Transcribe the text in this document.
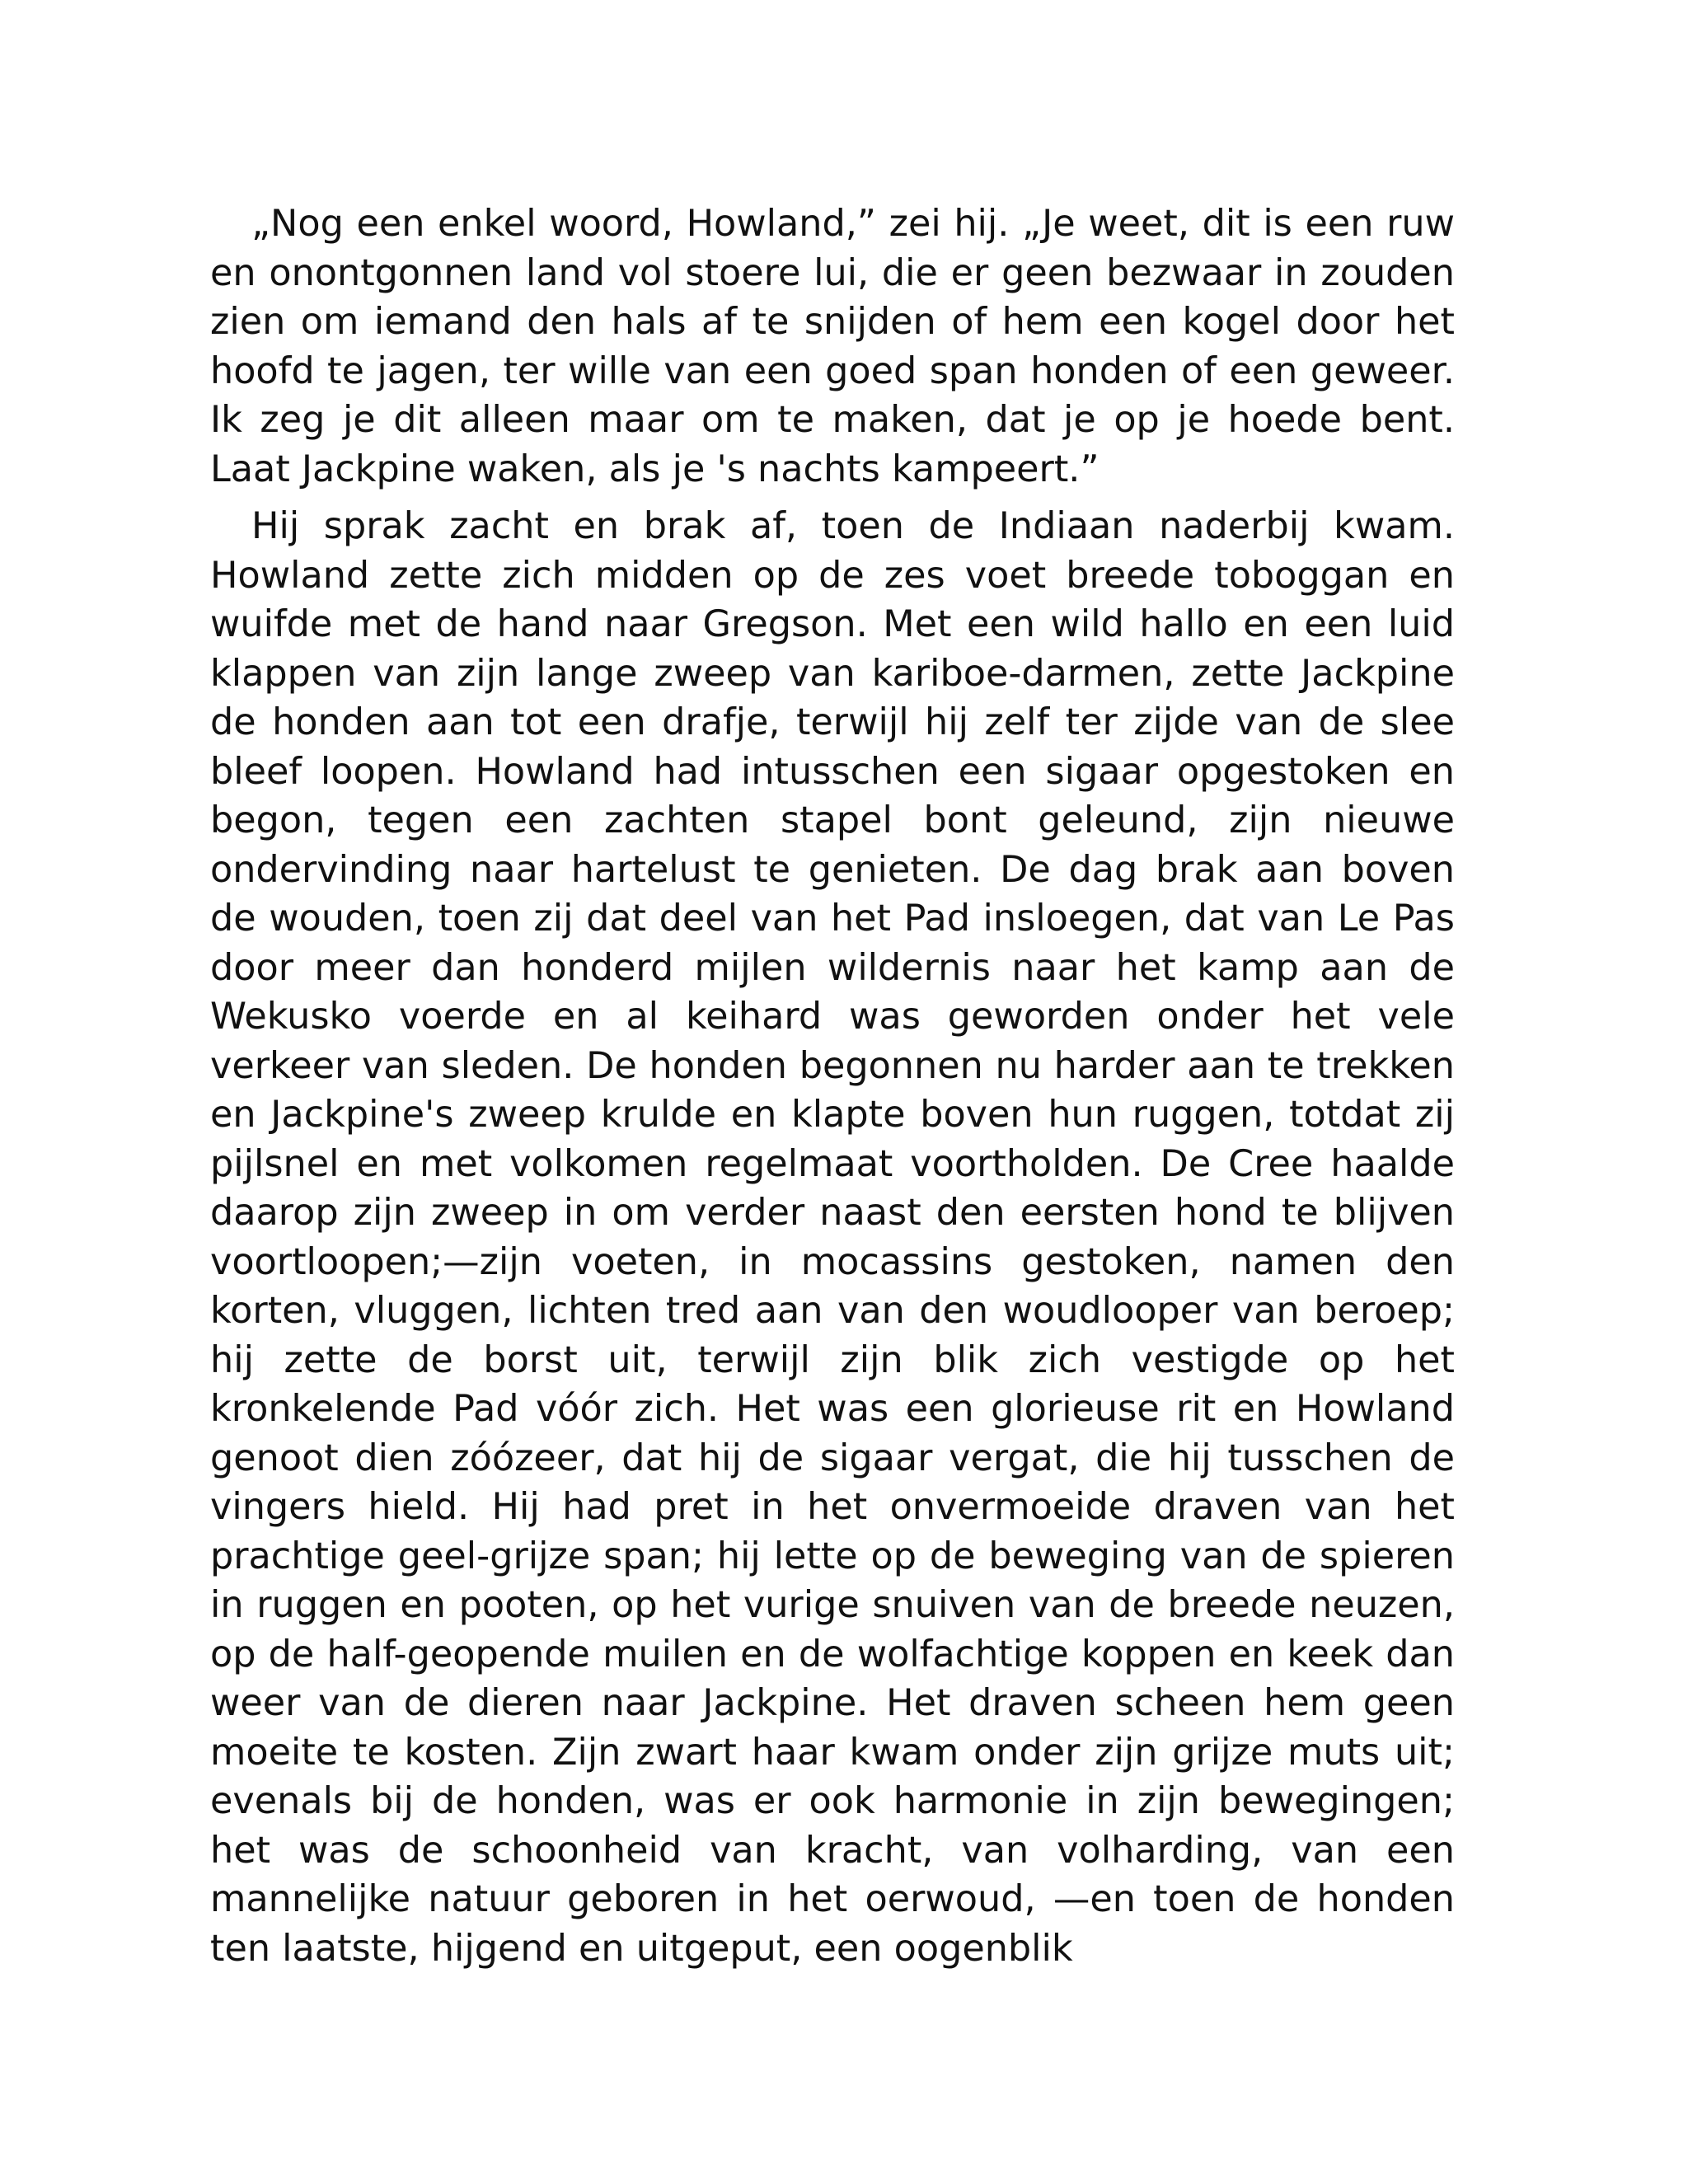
„Nog een enkel woord, Howland,” zei hij. „Je weet, dit is een ruw en onontgonnen land vol stoere lui, die er geen bezwaar in zouden zien om iemand den hals af te snijden of hem een kogel door het hoofd te jagen, ter wille van een goed span honden of een geweer. Ik zeg je dit alleen maar om te maken, dat je op je hoede bent. Laat Jackpine waken, als je 's nachts kampeert.”

Hij sprak zacht en brak af, toen de Indiaan naderbij kwam. Howland zette zich midden op de zes voet breede toboggan en wuifde met de hand naar Gregson. Met een wild hallo en een luid klappen van zijn lange zweep van kariboe-darmen, zette Jackpine de honden aan tot een drafje, terwijl hij zelf ter zijde van de slee bleef loopen. Howland had intusschen een sigaar opgestoken en begon, tegen een zachten stapel bont geleund, zijn nieuwe ondervinding naar hartelust te genieten. De dag brak aan boven de wouden, toen zij dat deel van het Pad insloegen, dat van Le Pas door meer dan honderd mijlen wildernis naar het kamp aan de Wekusko voerde en al keihard was geworden onder het vele verkeer van sleden. De honden begonnen nu harder aan te trekken en Jackpine's zweep krulde en klapte boven hun ruggen, totdat zij pijlsnel en met volkomen regelmaat voortholden. De Cree haalde daarop zijn zweep in om verder naast den eersten hond te blijven voortloopen;—zijn voeten, in mocassins gestoken, namen den korten, vluggen, lichten tred aan van den woudlooper van beroep; hij zette de borst uit, terwijl zijn blik zich vestigde op het kronkelende Pad vóór zich. Het was een glorieuse rit en Howland genoot dien zóózeer, dat hij de sigaar vergat, die hij tusschen de vingers hield. Hij had pret in het onvermoeide draven van het prachtige geel-grijze span; hij lette op de beweging van de spieren in ruggen en pooten, op het vurige snuiven van de breede neuzen, op de half-geopende muilen en de wolfachtige koppen en keek dan weer van de dieren naar Jackpine. Het draven scheen hem geen moeite te kosten. Zijn zwart haar kwam onder zijn grijze muts uit; evenals bij de honden, was er ook harmonie in zijn bewegingen; het was de schoonheid van kracht, van volharding, van een mannelijke natuur geboren in het oerwoud, —en toen de honden ten laatste, hijgend en uitgeput, een oogenblik
